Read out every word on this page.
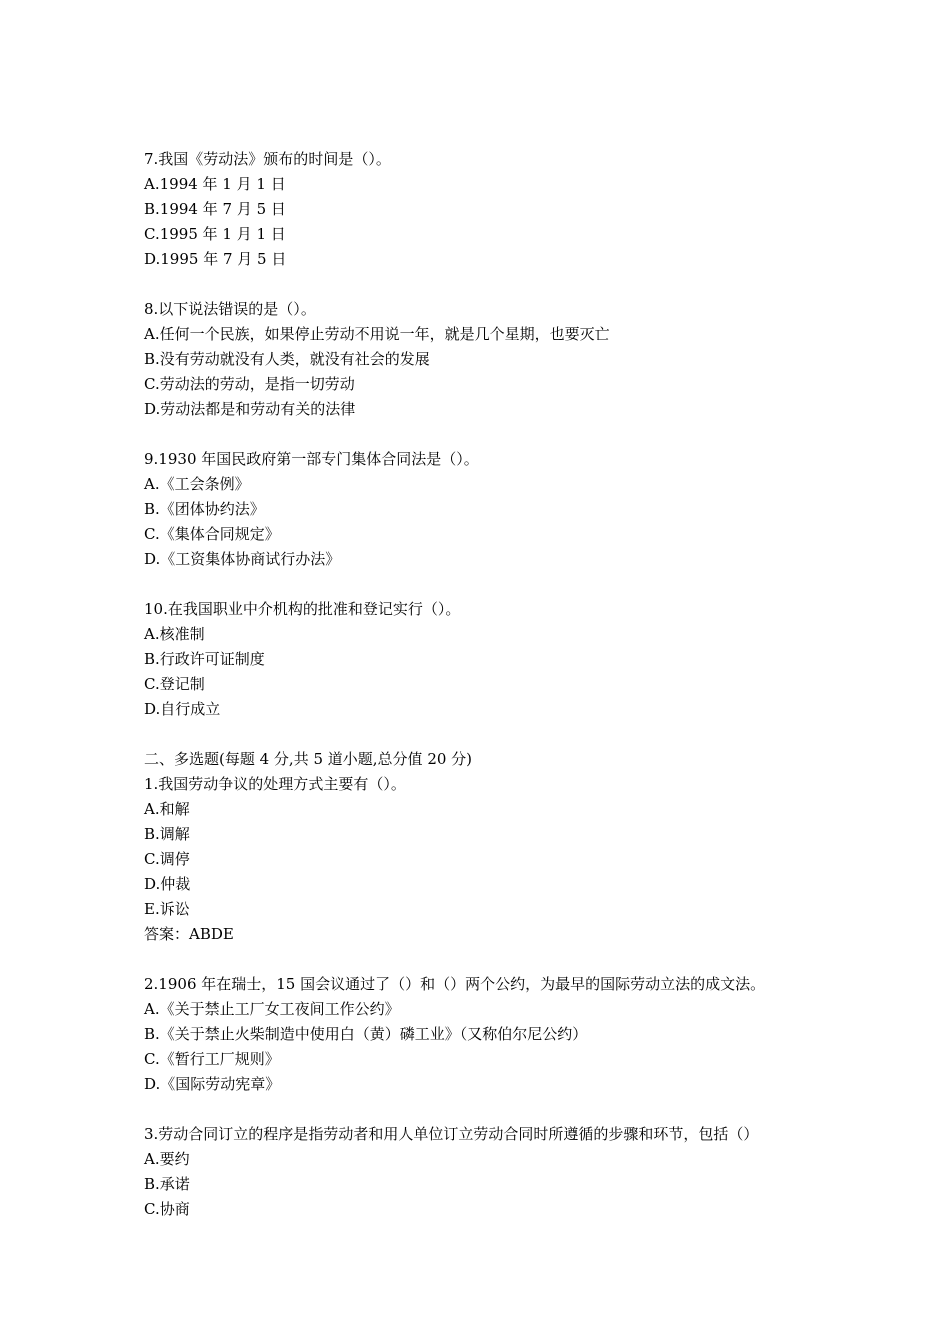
7.我国《劳动法》颁布的时间是（）。
A.1994 年 1 月 1 日
B.1994 年 7 月 5 日
C.1995 年 1 月 1 日
D.1995 年 7 月 5 日
8.以下说法错误的是（）。
A.任何一个民族，如果停止劳动不用说一年，就是几个星期，也要灭亡
B.没有劳动就没有人类，就没有社会的发展
C.劳动法的劳动，是指一切劳动
D.劳动法都是和劳动有关的法律
9.1930 年国民政府第一部专门集体合同法是（）。
A.《工会条例》
B.《团体协约法》
C.《集体合同规定》
D.《工资集体协商试行办法》
10.在我国职业中介机构的批准和登记实行（）。
A.核准制
B.行政许可证制度
C.登记制
D.自行成立
二、多选题(每题 4 分,共 5 道小题,总分值 20 分)
1.我国劳动争议的处理方式主要有（）。
A.和解
B.调解
C.调停
D.仲裁
E.诉讼
答案：ABDE
2.1906 年在瑞士，15 国会议通过了（）和（）两个公约，为最早的国际劳动立法的成文法。
A.《关于禁止工厂女工夜间工作公约》
B.《关于禁止火柴制造中使用白（黄）磷工业》（又称伯尔尼公约）
C.《暂行工厂规则》
D.《国际劳动宪章》
3.劳动合同订立的程序是指劳动者和用人单位订立劳动合同时所遵循的步骤和环节，包括（）
A.要约
B.承诺
C.协商
